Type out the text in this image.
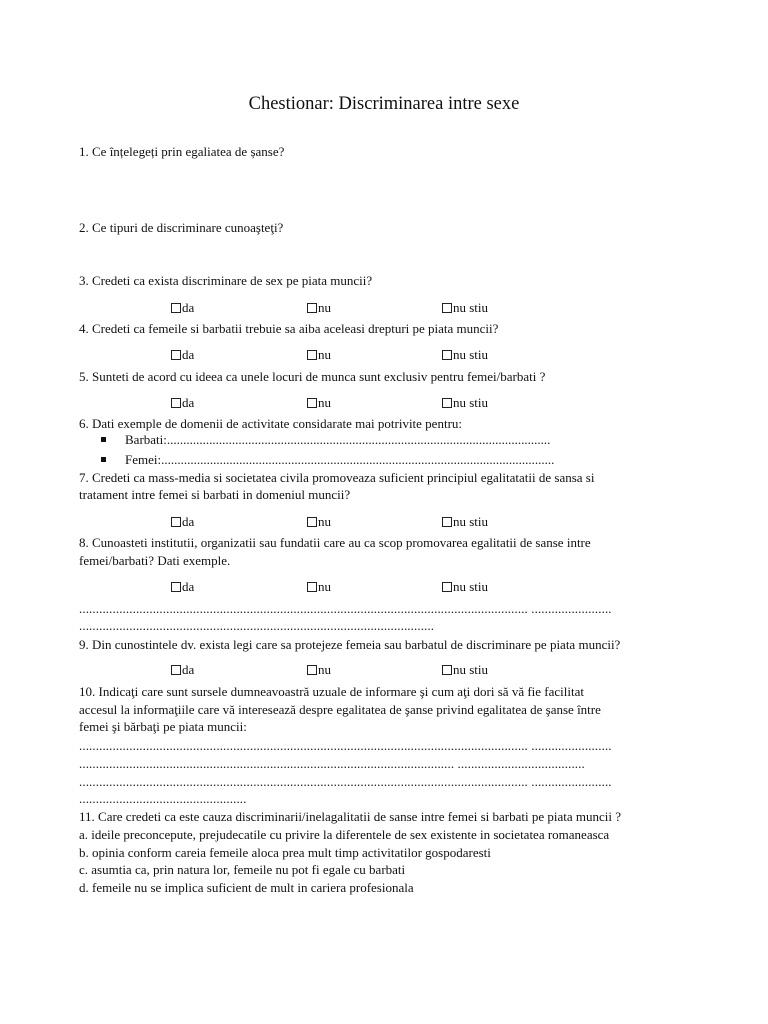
Chestionar: Discriminarea intre sexe
1. Ce înțelegeți prin egaliatea de șanse?
2. Ce tipuri de discriminare cunoaşteţi?
3. Credeti ca exista discriminare de sex pe piata muncii?
da	nu	nu stiu
4. Credeti ca femeile si barbatii trebuie sa aiba aceleasi drepturi pe piata muncii?
da	nu	nu stiu
5. Sunteti de acord cu ideea ca unele locuri de munca sunt exclusiv pentru femei/barbati ?
da	nu	nu stiu
6. Dati exemple de domenii de activitate considarate mai potrivite pentru:
Barbati:......................................................................................................................
Femei:.........................................................................................................................
7. Credeti ca mass-media si societatea civila promoveaza suficient principiul egalitatatii de sansa si
tratament intre femei si barbati in domeniul muncii?
da	nu	nu stiu
8. Cunoasteti institutii, organizatii sau fundatii care au ca scop promovarea egalitatii de sanse intre
femei/barbati? Dati exemple.
da	nu	nu stiu
...................................................................................................................................... ........................
..........................................................................................................
9. Din cunostintele dv. exista legi care sa protejeze femeia sau barbatul de discriminare pe piata muncii?
da	nu	nu stiu
10. Indicaţi care sunt sursele dumneavoastră uzuale de informare şi cum aţi dori să vă fie facilitat
accesul la informaţiile care vă interesează despre egalitatea de şanse privind egalitatea de şanse între
femei şi bărbaţi pe piata muncii:
...................................................................................................................................... ........................
................................................................................................................ ......................................
...................................................................................................................................... ........................
..................................................
11. Care credeti ca este cauza discriminarii/inelagalitatii de sanse intre femei si barbati pe piata muncii ?
a. ideile preconcepute, prejudecatile cu privire la diferentele de sex existente in societatea romaneasca
b. opinia conform careia femeile aloca prea mult timp activitatilor gospodaresti
c. asumtia ca, prin natura lor, femeile nu pot fi egale cu barbati
d. femeile nu se implica suficient de mult in cariera profesionala
